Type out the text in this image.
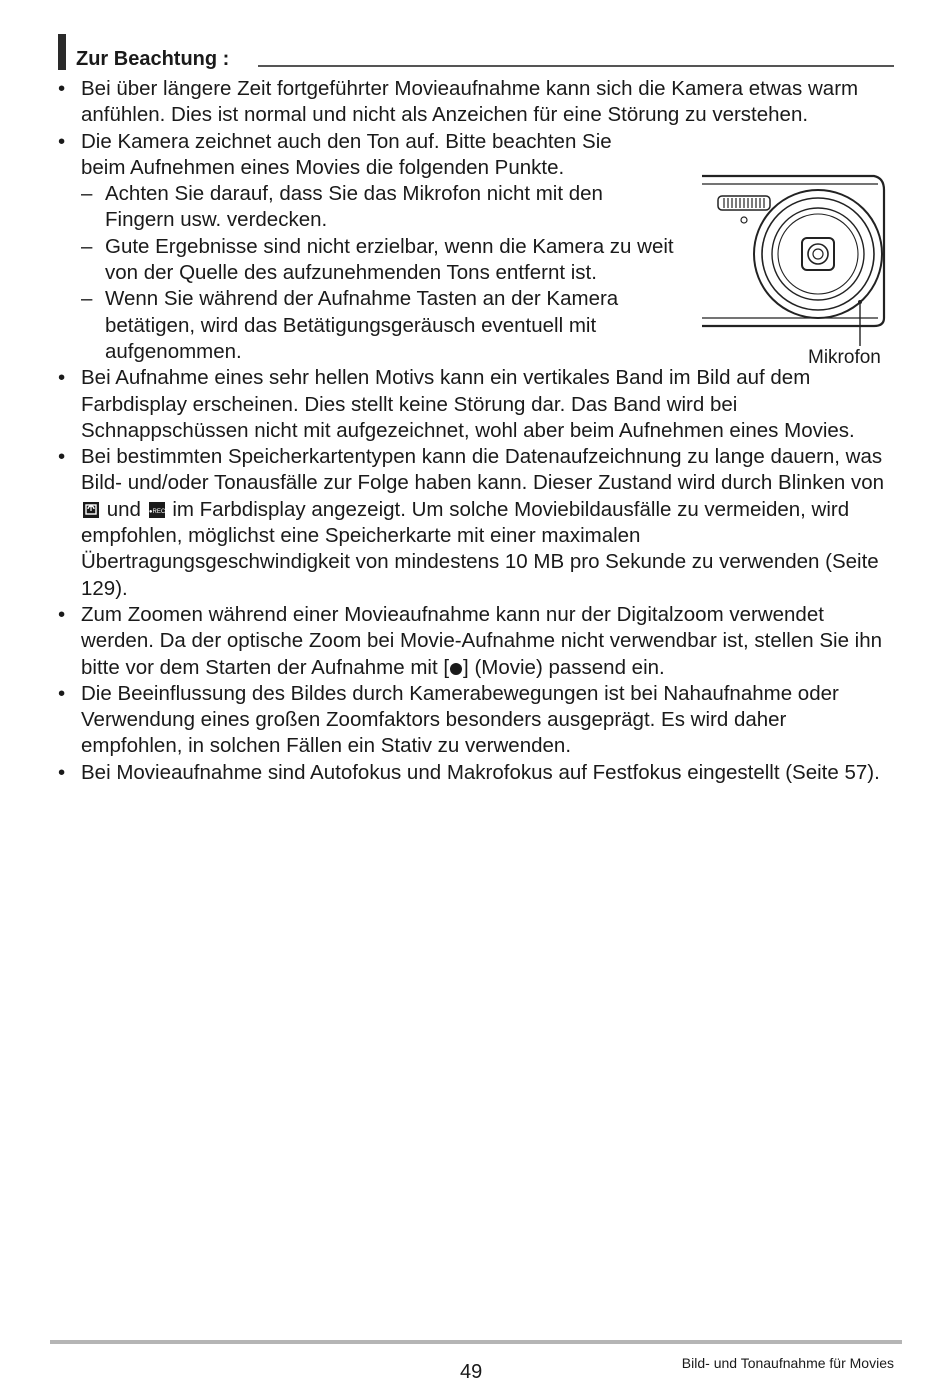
Zur Beachtung :
• Bei über längere Zeit fortgeführter Movieaufnahme kann sich die Kamera etwas warm anfühlen. Dies ist normal und nicht als Anzeichen für eine Störung zu verstehen.
• Die Kamera zeichnet auch den Ton auf. Bitte beachten Sie beim Aufnehmen eines Movies die folgenden Punkte.
– Achten Sie darauf, dass Sie das Mikrofon nicht mit den Fingern usw. verdecken.
– Gute Ergebnisse sind nicht erzielbar, wenn die Kamera zu weit von der Quelle des aufzunehmenden Tons entfernt ist.
– Wenn Sie während der Aufnahme Tasten an der Kamera betätigen, wird das Betätigungsgeräusch eventuell mit aufgenommen.
• Bei Aufnahme eines sehr hellen Motivs kann ein vertikales Band im Bild auf dem Farbdisplay erscheinen. Dies stellt keine Störung dar. Das Band wird bei Schnappschüssen nicht mit aufgezeichnet, wohl aber beim Aufnehmen eines Movies.
• Bei bestimmten Speicherkartentypen kann die Datenaufzeichnung zu lange dauern, was Bild- und/oder Tonausfälle zur Folge haben kann. Dieser Zustand wird durch Blinken von
und ●REC im Farbdisplay angezeigt. Um solche Moviebildausfälle zu vermeiden, wird empfohlen, möglichst eine Speicherkarte mit einer maximalen Übertragungsgeschwindigkeit von mindestens 10 MB pro Sekunde zu verwenden (Seite 129).
• Zum Zoomen während einer Movieaufnahme kann nur der Digitalzoom verwendet werden. Da der optische Zoom bei Movie-Aufnahme nicht verwendbar ist, stellen Sie ihn bitte vor dem Starten der Aufnahme mit [ ] (Movie) passend ein.
• Die Beeinflussung des Bildes durch Kamerabewegungen ist bei Nahaufnahme oder Verwendung eines großen Zoomfaktors besonders ausgeprägt. Es wird daher empfohlen, in solchen Fällen ein Stativ zu verwenden.
• Bei Movieaufnahme sind Autofokus und Makrofokus auf Festfokus eingestellt (Seite 57).
Mikrofon
49	Bild- und Tonaufnahme für Movies
